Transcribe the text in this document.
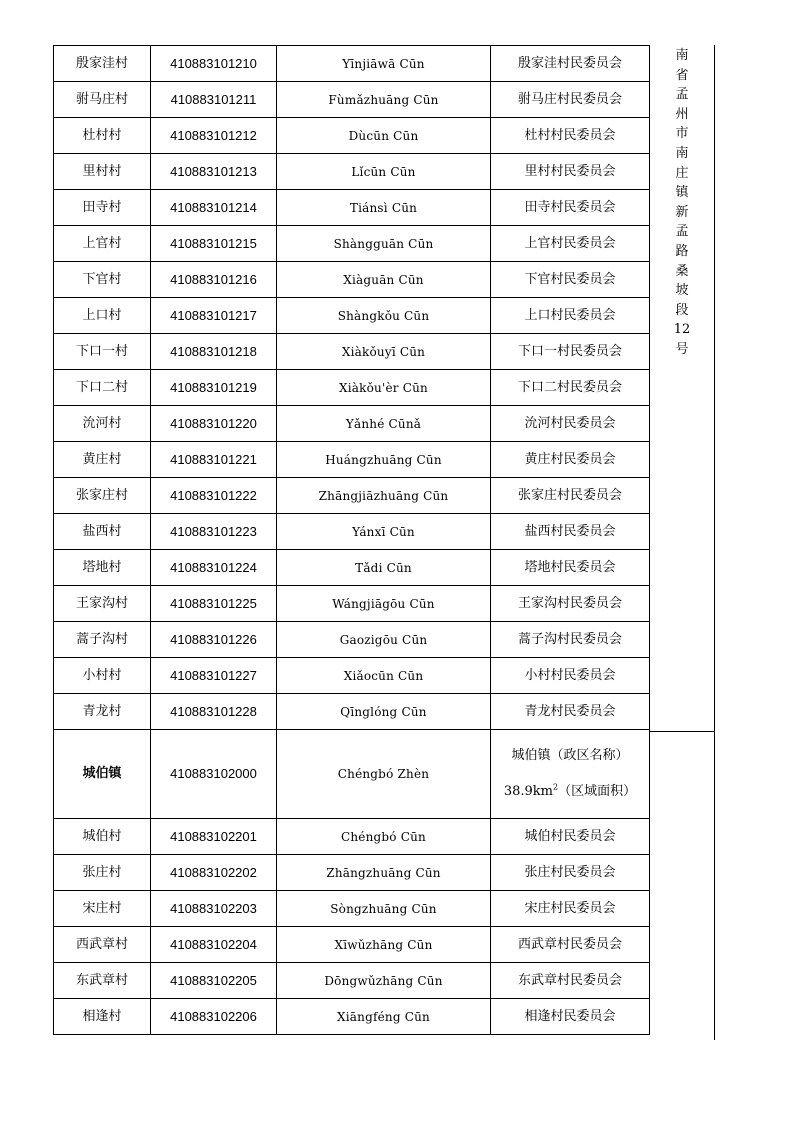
殷家洼村	410883101210	Yīnjiāwā Cūn	殷家洼村民委员会
驸马庄村	410883101211	Fùmǎzhuāng Cūn	驸马庄村民委员会
杜村村	410883101212	Dùcūn Cūn	杜村村民委员会
里村村	410883101213	Lǐcūn Cūn	里村村民委员会
田寺村	410883101214	Tiánsì Cūn	田寺村民委员会
上官村	410883101215	Shàngguān Cūn	上官村民委员会
下官村	410883101216	Xiàguān Cūn	下官村民委员会
上口村	410883101217	Shàngkǒu Cūn	上口村民委员会
下口一村	410883101218	Xiàkǒuyī Cūn	下口一村民委员会
下口二村	410883101219	Xiàkǒu'èr Cūn	下口二村民委员会
沇河村	410883101220	Yǎnhé Cūnǎ	沇河村民委员会
黄庄村	410883101221	Huángzhuāng Cūn	黄庄村民委员会
张家庄村	410883101222	Zhāngjiāzhuāng Cūn	张家庄村民委员会
盐西村	410883101223	Yánxī Cūn	盐西村民委员会
塔地村	410883101224	Tǎdi Cūn	塔地村民委员会
王家沟村	410883101225	Wángjiāgōu Cūn	王家沟村民委员会
蒿子沟村	410883101226	Gaozigōu Cūn	蒿子沟村民委员会
小村村	410883101227	Xiǎocūn Cūn	小村村民委员会
青龙村	410883101228	Qīnglóng Cūn	青龙村民委员会
城伯镇	410883102000	Chéngbó Zhèn	城伯镇（政区名称）
$38.9km^2$（区域面积）

城伯村	410883102201	Chéngbó Cūn	城伯村民委员会
张庄村	410883102202	Zhāngzhuāng Cūn	张庄村民委员会
宋庄村	410883102203	Sòngzhuāng Cūn	宋庄村民委员会
西武章村	410883102204	Xīwǔzhāng Cūn	西武章村民委员会
东武章村	410883102205	Dōngwǔzhāng Cūn	东武章村民委员会
相逢村	410883102206	Xiāngféng Cūn	相逢村民委员会
南省孟州市南庄镇新孟路桑坡段12号
